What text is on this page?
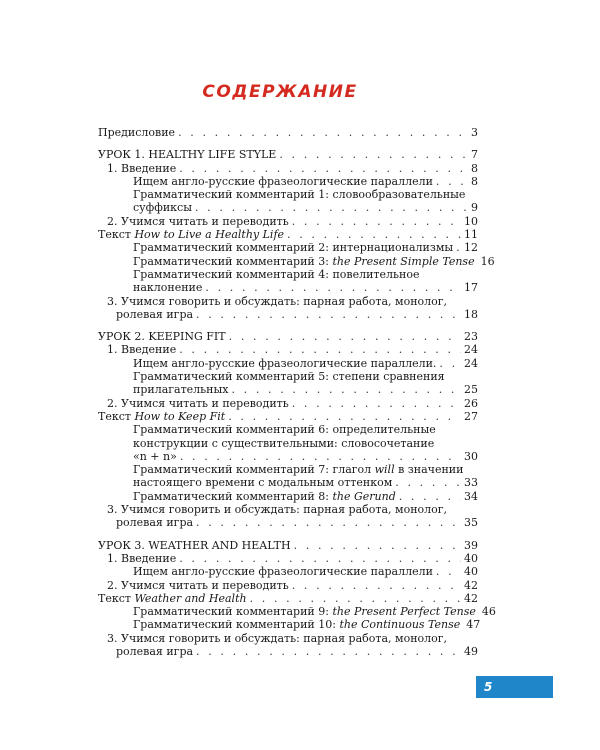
СОДЕРЖАНИЕ
Предисловие . . .	3
УРОК 1. HEALTHY LIFE STYLE . . .	7
1. Введение . . .	8
Ищем англо-русские фразеологические параллели . . .	8
Грамматический комментарий 1: словообразовательные
суффиксы . . .	9
2. Учимся читать и переводить . . .	10
Текст How to Live a Healthy Life . . .	11
Грамматический комментарий 2: интернационализмы . . . 12
Грамматический комментарий 3: the Present Simple Tense 16
Грамматический комментарий 4: повелительное
наклонение . . .	17
3. Учимся говорить и обсуждать: парная работа, монолог,
ролевая игра . . .	18
УРОК 2. KEEPING FIT . . .	23
1. Введение . . .	24
Ищем англо-русские фразеологические параллели. . . .	24
Грамматический комментарий 5: степени сравнения
прилагательных . . .	25
2. Учимся читать и переводить . . .	26
Текст How to Keep Fit . . .	27
Грамматический комментарий 6: определительные
конструкции с существительными: словосочетание
«n + n» . . .	30
Грамматический комментарий 7: глагол will в значении
настоящего времени с модальным оттенком . . .	33
Грамматический комментарий 8: the Gerund . . .	34
3. Учимся говорить и обсуждать: парная работа, монолог,
ролевая игра . . .	35
УРОК 3. WEATHER AND HEALTH . . .	39
1. Введение . . .	40
Ищем англо-русские фразеологические параллели . . .	40
2. Учимся читать и переводить . . .	42
Текст Weather and Health . . .	42
Грамматический комментарий 9: the Present Perfect Tense 46
Грамматический комментарий 10: the Continuous Tense 47
3. Учимся говорить и обсуждать: парная работа, монолог,
ролевая игра . . .	49
5
